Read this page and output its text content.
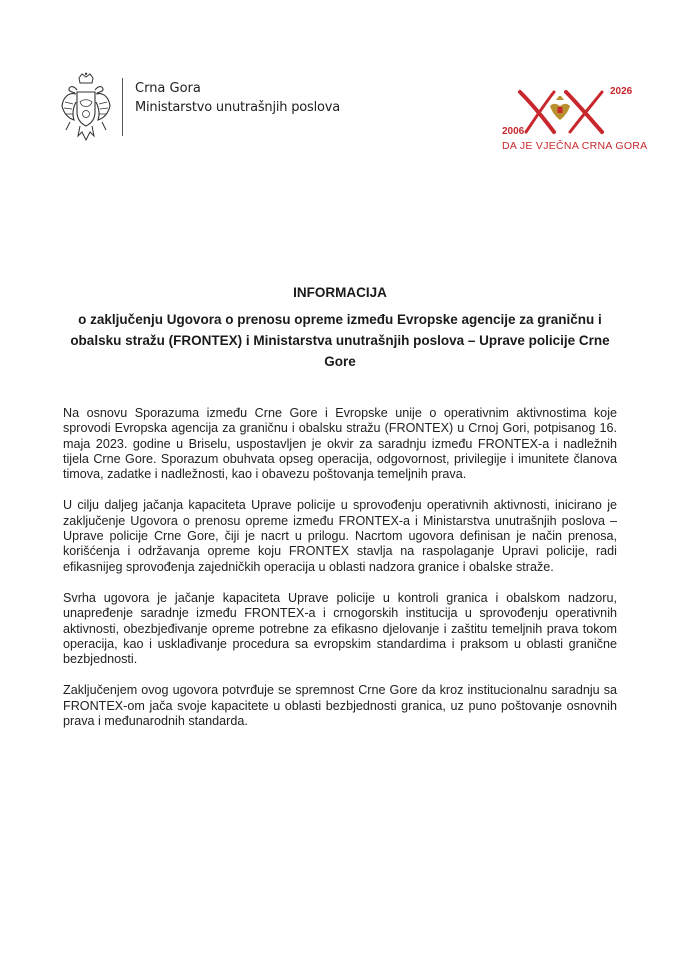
Crna Gora
Ministarstvo unutrašnjih poslova
2026
2006
DA JE VJEČNA CRNA GORA
INFORMACIJA
o zaključenju Ugovora o prenosu opreme između Evropske agencije za graničnu i obalsku stražu (FRONTEX) i Ministarstva unutrašnjih poslova – Uprave policije Crne Gore

Na osnovu Sporazuma između Crne Gore i Evropske unije o operativnim aktivnostima koje sprovodi Evropska agencija za graničnu i obalsku stražu (FRONTEX) u Crnoj Gori, potpisanog 16. maja 2023. godine u Briselu, uspostavljen je okvir za saradnju između FRONTEX-a i nadležnih tijela Crne Gore. Sporazum obuhvata opseg operacija, odgovornost, privilegije i imunitete članova timova, zadatke i nadležnosti, kao i obavezu poštovanja temeljnih prava.

U cilju daljeg jačanja kapaciteta Uprave policije u sprovođenju operativnih aktivnosti, inicirano je zaključenje Ugovora o prenosu opreme između FRONTEX-a i Ministarstva unutrašnjih poslova – Uprave policije Crne Gore, čiji je nacrt u prilogu. Nacrtom ugovora definisan je način prenosa, korišćenja i održavanja opreme koju FRONTEX stavlja na raspolaganje Upravi policije, radi efikasnijeg sprovođenja zajedničkih operacija u oblasti nadzora granice i obalske straže.

Svrha ugovora je jačanje kapaciteta Uprave policije u kontroli granica i obalskom nadzoru, unapređenje saradnje između FRONTEX-a i crnogorskih institucija u sprovođenju operativnih aktivnosti, obezbjeđivanje opreme potrebne za efikasno djelovanje i zaštitu temeljnih prava tokom operacija, kao i usklađivanje procedura sa evropskim standardima i praksom u oblasti granične bezbjednosti.

Zaključenjem ovog ugovora potvrđuje se spremnost Crne Gore da kroz institucionalnu saradnju sa FRONTEX-om jača svoje kapacitete u oblasti bezbjednosti granica, uz puno poštovanje osnovnih prava i međunarodnih standarda.
